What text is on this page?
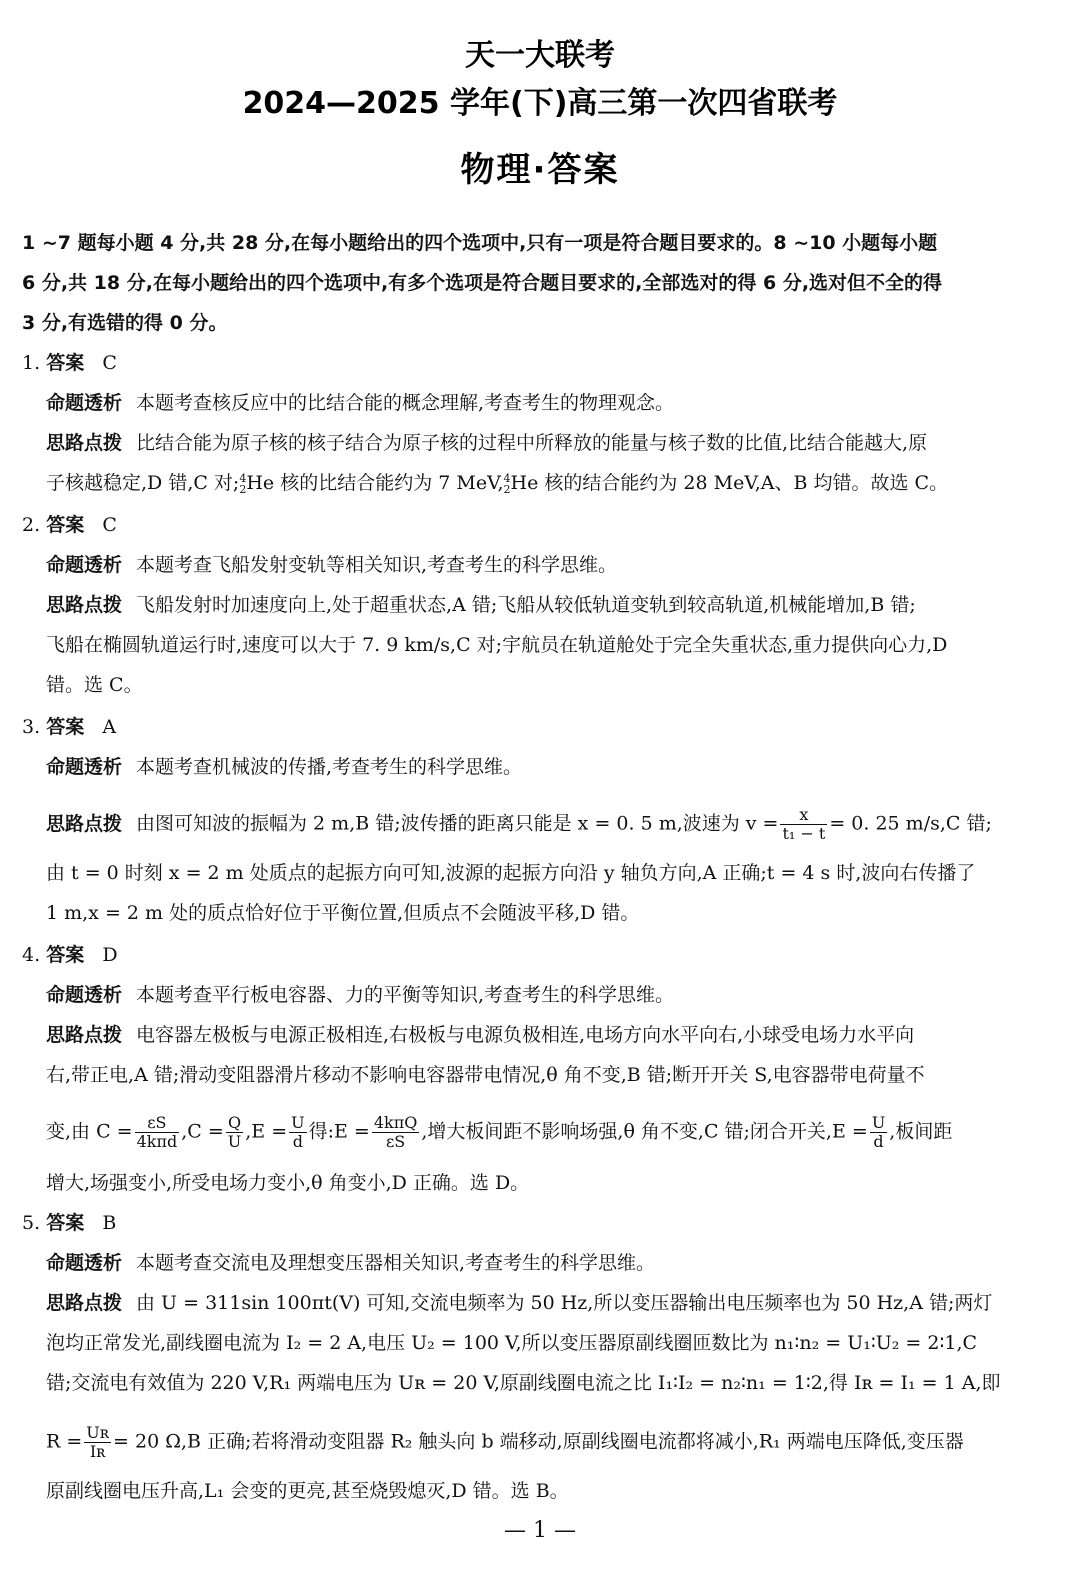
天一大联考
2024—2025 学年(下)高三第一次四省联考
物理·答案
1 ~7 题每小题 4 分,共 28 分,在每小题给出的四个选项中,只有一项是符合题目要求的。8 ~10 小题每小题
6 分,共 18 分,在每小题给出的四个选项中,有多个选项是符合题目要求的,全部选对的得 6 分,选对但不全的得
3 分,有选错的得 0 分。
1. 答案 C
命题透析 本题考查核反应中的比结合能的概念理解,考查考生的物理观念。
思路点拨 比结合能为原子核的核子结合为原子核的过程中所释放的能量与核子数的比值,比结合能越大,原
子核越稳定,D 错,C 对; 4
2 He 核的比结合能约为 7 MeV, 4
2 He 核的结合能约为 28 MeV,A、B 均错。故选 C。
2. 答案 C
命题透析 本题考查飞船发射变轨等相关知识,考查考生的科学思维。
思路点拨 飞船发射时加速度向上,处于超重状态,A 错;飞船从较低轨道变轨到较高轨道,机械能增加,B 错;
飞船在椭圆轨道运行时,速度可以大于 7. 9 km/s,C 对;宇航员在轨道舱处于完全失重状态,重力提供向心力,D
错。选 C。
3. 答案 A
命题透析 本题考查机械波的传播,考查考生的科学思维。
思路点拨 由图可知波的振幅为 2 m,B 错;波传播的距离只能是 x = 0. 5 m,波速为 $v = \frac{x}{\text{t₁ − t}} = 0$. 25 m/s,C 错;
由 t = 0 时刻 x = 2 m 处质点的起振方向可知,波源的起振方向沿 y 轴负方向,A 正确;t = 4 s 时,波向右传播了
1 m,x = 2 m 处的质点恰好位于平衡位置,但质点不会随波平移,D 错。
4. 答案 D
命题透析 本题考查平行板电容器、力的平衡等知识,考查考生的科学思维。
思路点拨 电容器左极板与电源正极相连,右极板与电源负极相连,电场方向水平向右,小球受电场力水平向
右,带正电,A 错;滑动变阻器滑片移动不影响电容器带电情况,θ 角不变,B 错;断开开关 S,电容器带电荷量不
变,由 $C = \frac{\varepsilon S}{\text{4kπd}} ,C = \frac{Q}{U} ,E = \frac{U}{d}$ 得:E = $\frac{\text{4kπQ}}{\varepsilon S}$ ,增大板间距不影响场强,θ 角不变,C 错;闭合开关$,E = \frac{U}{d}$ ,板间距
增大,场强变小,所受电场力变小,θ 角变小,D 正确。选 D。
5. 答案 B
命题透析 本题考查交流电及理想变压器相关知识,考查考生的科学思维。
思路点拨 由 U = 311sin 100πt(V) 可知,交流电频率为 50 Hz,所以变压器输出电压频率也为 50 Hz,A 错;两灯
泡均正常发光,副线圈电流为 I₂ = 2 A,电压 U₂ = 100 V,所以变压器原副线圈匝数比为 n₁∶n₂ = U₁∶U₂ = 2∶1,C
错;交流电有效值为 220 V,R₁ 两端电压为 Uʀ = 20 V,原副线圈电流之比 I₁∶I₂ = n₂∶n₁ = 1∶2,得 Iʀ = I₁ = 1 A,即
$R = \frac{\text{Uʀ}}{\text{Iʀ}} = 20$ Ω,B 正确;若将滑动变阻器 R₂ 触头向 b 端移动,原副线圈电流都将减小,R₁ 两端电压降低,变压器
原副线圈电压升高,L₁ 会变的更亮,甚至烧毁熄灭,D 错。选 B。
— 1 —
